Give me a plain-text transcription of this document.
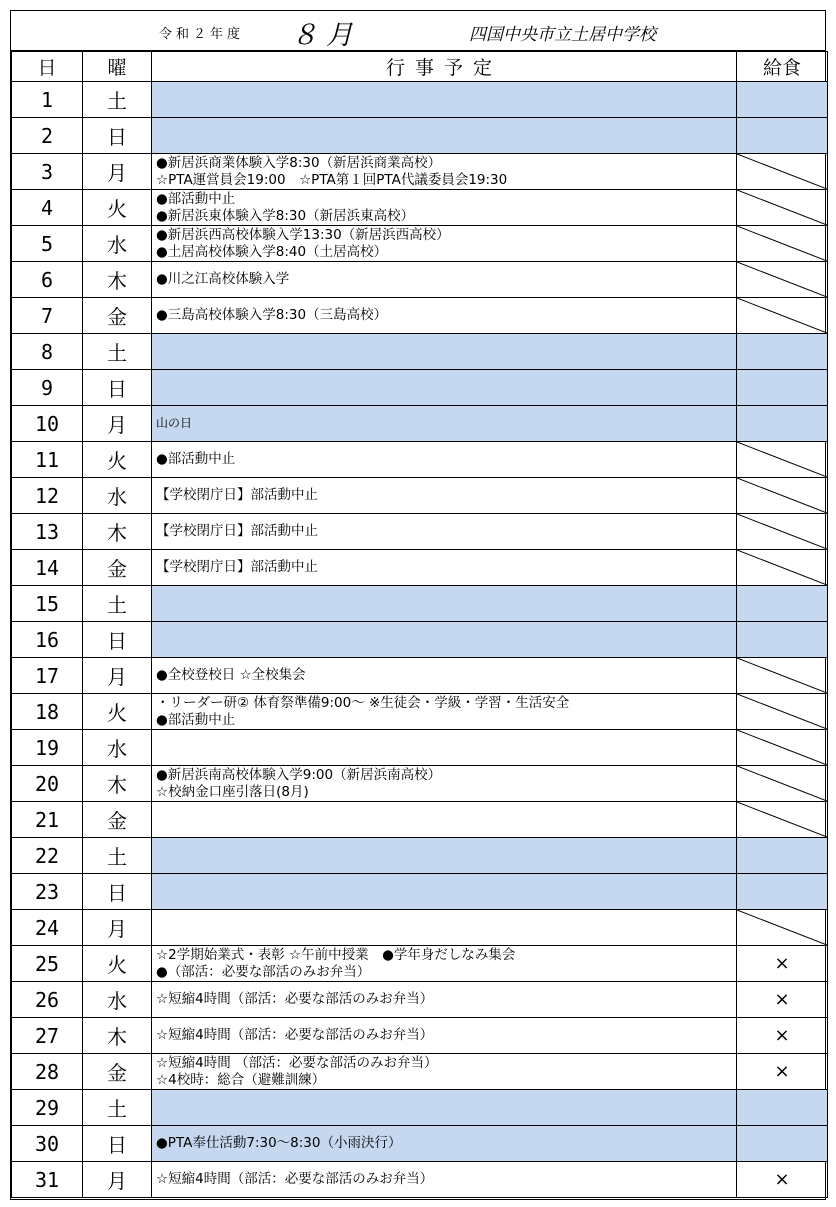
令和２年度 ８月	四国中央市立土居中学校
日	曜	行事予定	給食
1	土		
2	日		
3	月	●新居浜商業体験入学8:30（新居浜商業高校）
☆PTA運営員会19:00　☆PTA第１回PTA代議委員会19:30

4	火	●部活動中止
●新居浜東体験入学8:30（新居浜東高校）

5	水	●新居浜西高校体験入学13:30（新居浜西高校）
●土居高校体験入学8:40（土居高校）

6	木	●川之江高校体験入学

7	金	●三島高校体験入学8:30（三島高校）

8	土		
9	日		
10	月	山の日	

11	火	●部活動中止

12	水	【学校閉庁日】部活動中止

13	木	【学校閉庁日】部活動中止

14	金	【学校閉庁日】部活動中止

15	土		
16	日		
17	月	●全校登校日 ☆全校集会

18	火	・リーダー研② 体育祭準備9:00～ ※生徒会・学級・学習・生活安全
●部活動中止

19	水		

20	木	●新居浜南高校体験入学9:00（新居浜南高校）
☆校納金口座引落日(8月)

21	金		

22	土		
23	日		
24	月		

25	火	☆2学期始業式・表彰 ☆午前中授業　●学年身だしなみ集会
●（部活：必要な部活のみお弁当）	×
26	水	☆短縮4時間（部活：必要な部活のみお弁当）	×
27	木	☆短縮4時間（部活：必要な部活のみお弁当）	×
28	金	☆短縮4時間 （部活：必要な部活のみお弁当）
☆4校時：総合（避難訓練）	×
29	土		
30	日	●PTA奉仕活動7:30～8:30（小雨決行）	

31	月	☆短縮4時間（部活：必要な部活のみお弁当）	×
